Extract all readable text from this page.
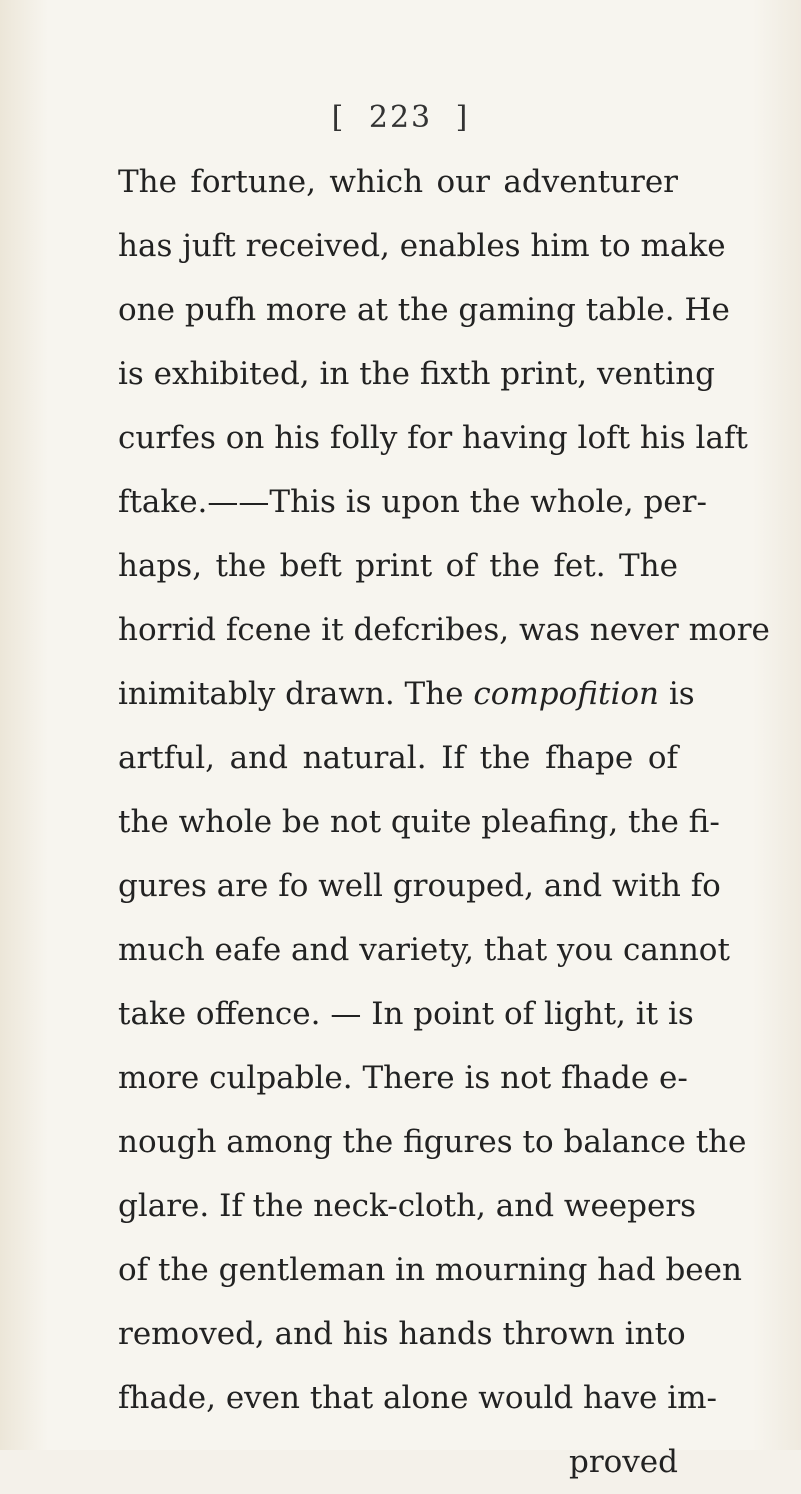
[ 223 ]
The fortune, which our adventurer
has juft received, enables him to make
one pufh more at the gaming table. He
is exhibited, in the fixth print, venting
curfes on his folly for having loft his laft
ftake.——This is upon the whole, per-
haps, the beft print of the fet. The
horrid fcene it defcribes, was never more
inimitably drawn. The compofition is
artful, and natural. If the fhape of
the whole be not quite pleafing, the fi-
gures are fo well grouped, and with fo
much eafe and variety, that you cannot
take offence. — In point of light, it is
more culpable. There is not fhade e-
nough among the figures to balance the
glare. If the neck-cloth, and weepers
of the gentleman in mourning had been
removed, and his hands thrown into
fhade, even that alone would have im-
proved
